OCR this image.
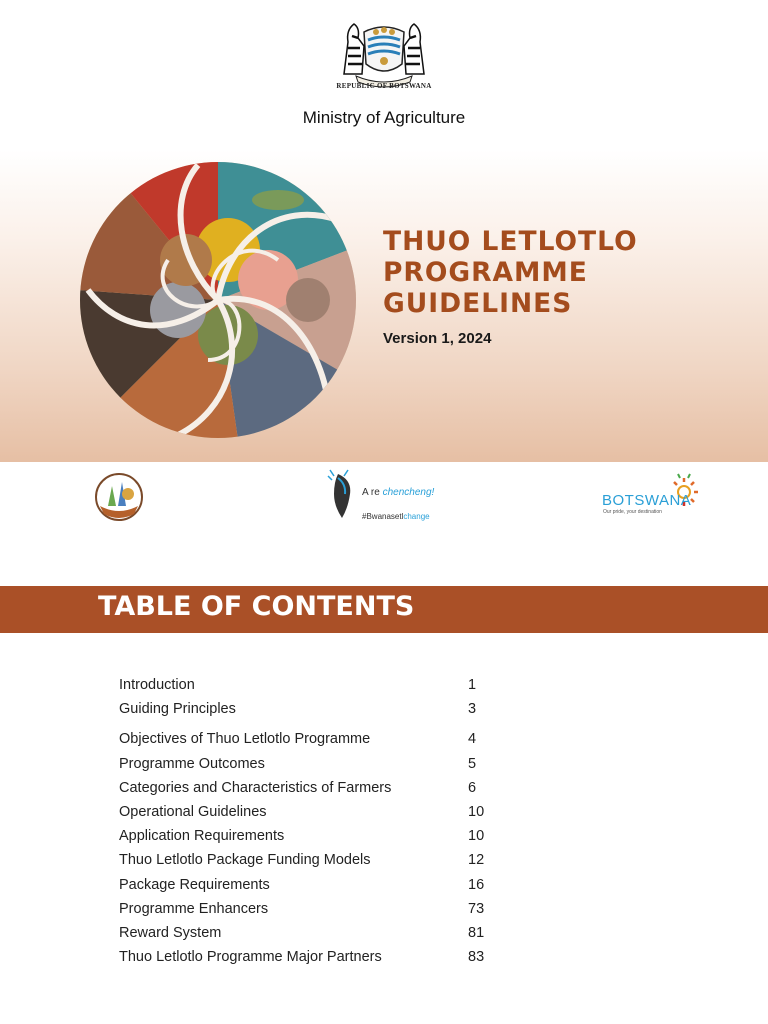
REPUBLIC OF BOTSWANA
Ministry of Agriculture
THUO LETLOTLO
PROGRAMME
GUIDELINES
Version 1, 2024
A re chencheng!
#Bwanasetlchange
BOTSWANA
Our pride, your destination
TABLE OF CONTENTS
Introduction	1
Guiding Principles	3
Objectives of Thuo Letlotlo Programme	4
Programme Outcomes	5
Categories and Characteristics of Farmers	6
Operational Guidelines	10
Application Requirements	10
Thuo Letlotlo Package Funding Models	12
Package Requirements	16
Programme Enhancers	73
Reward System	81
Thuo Letlotlo Programme Major Partners	83
